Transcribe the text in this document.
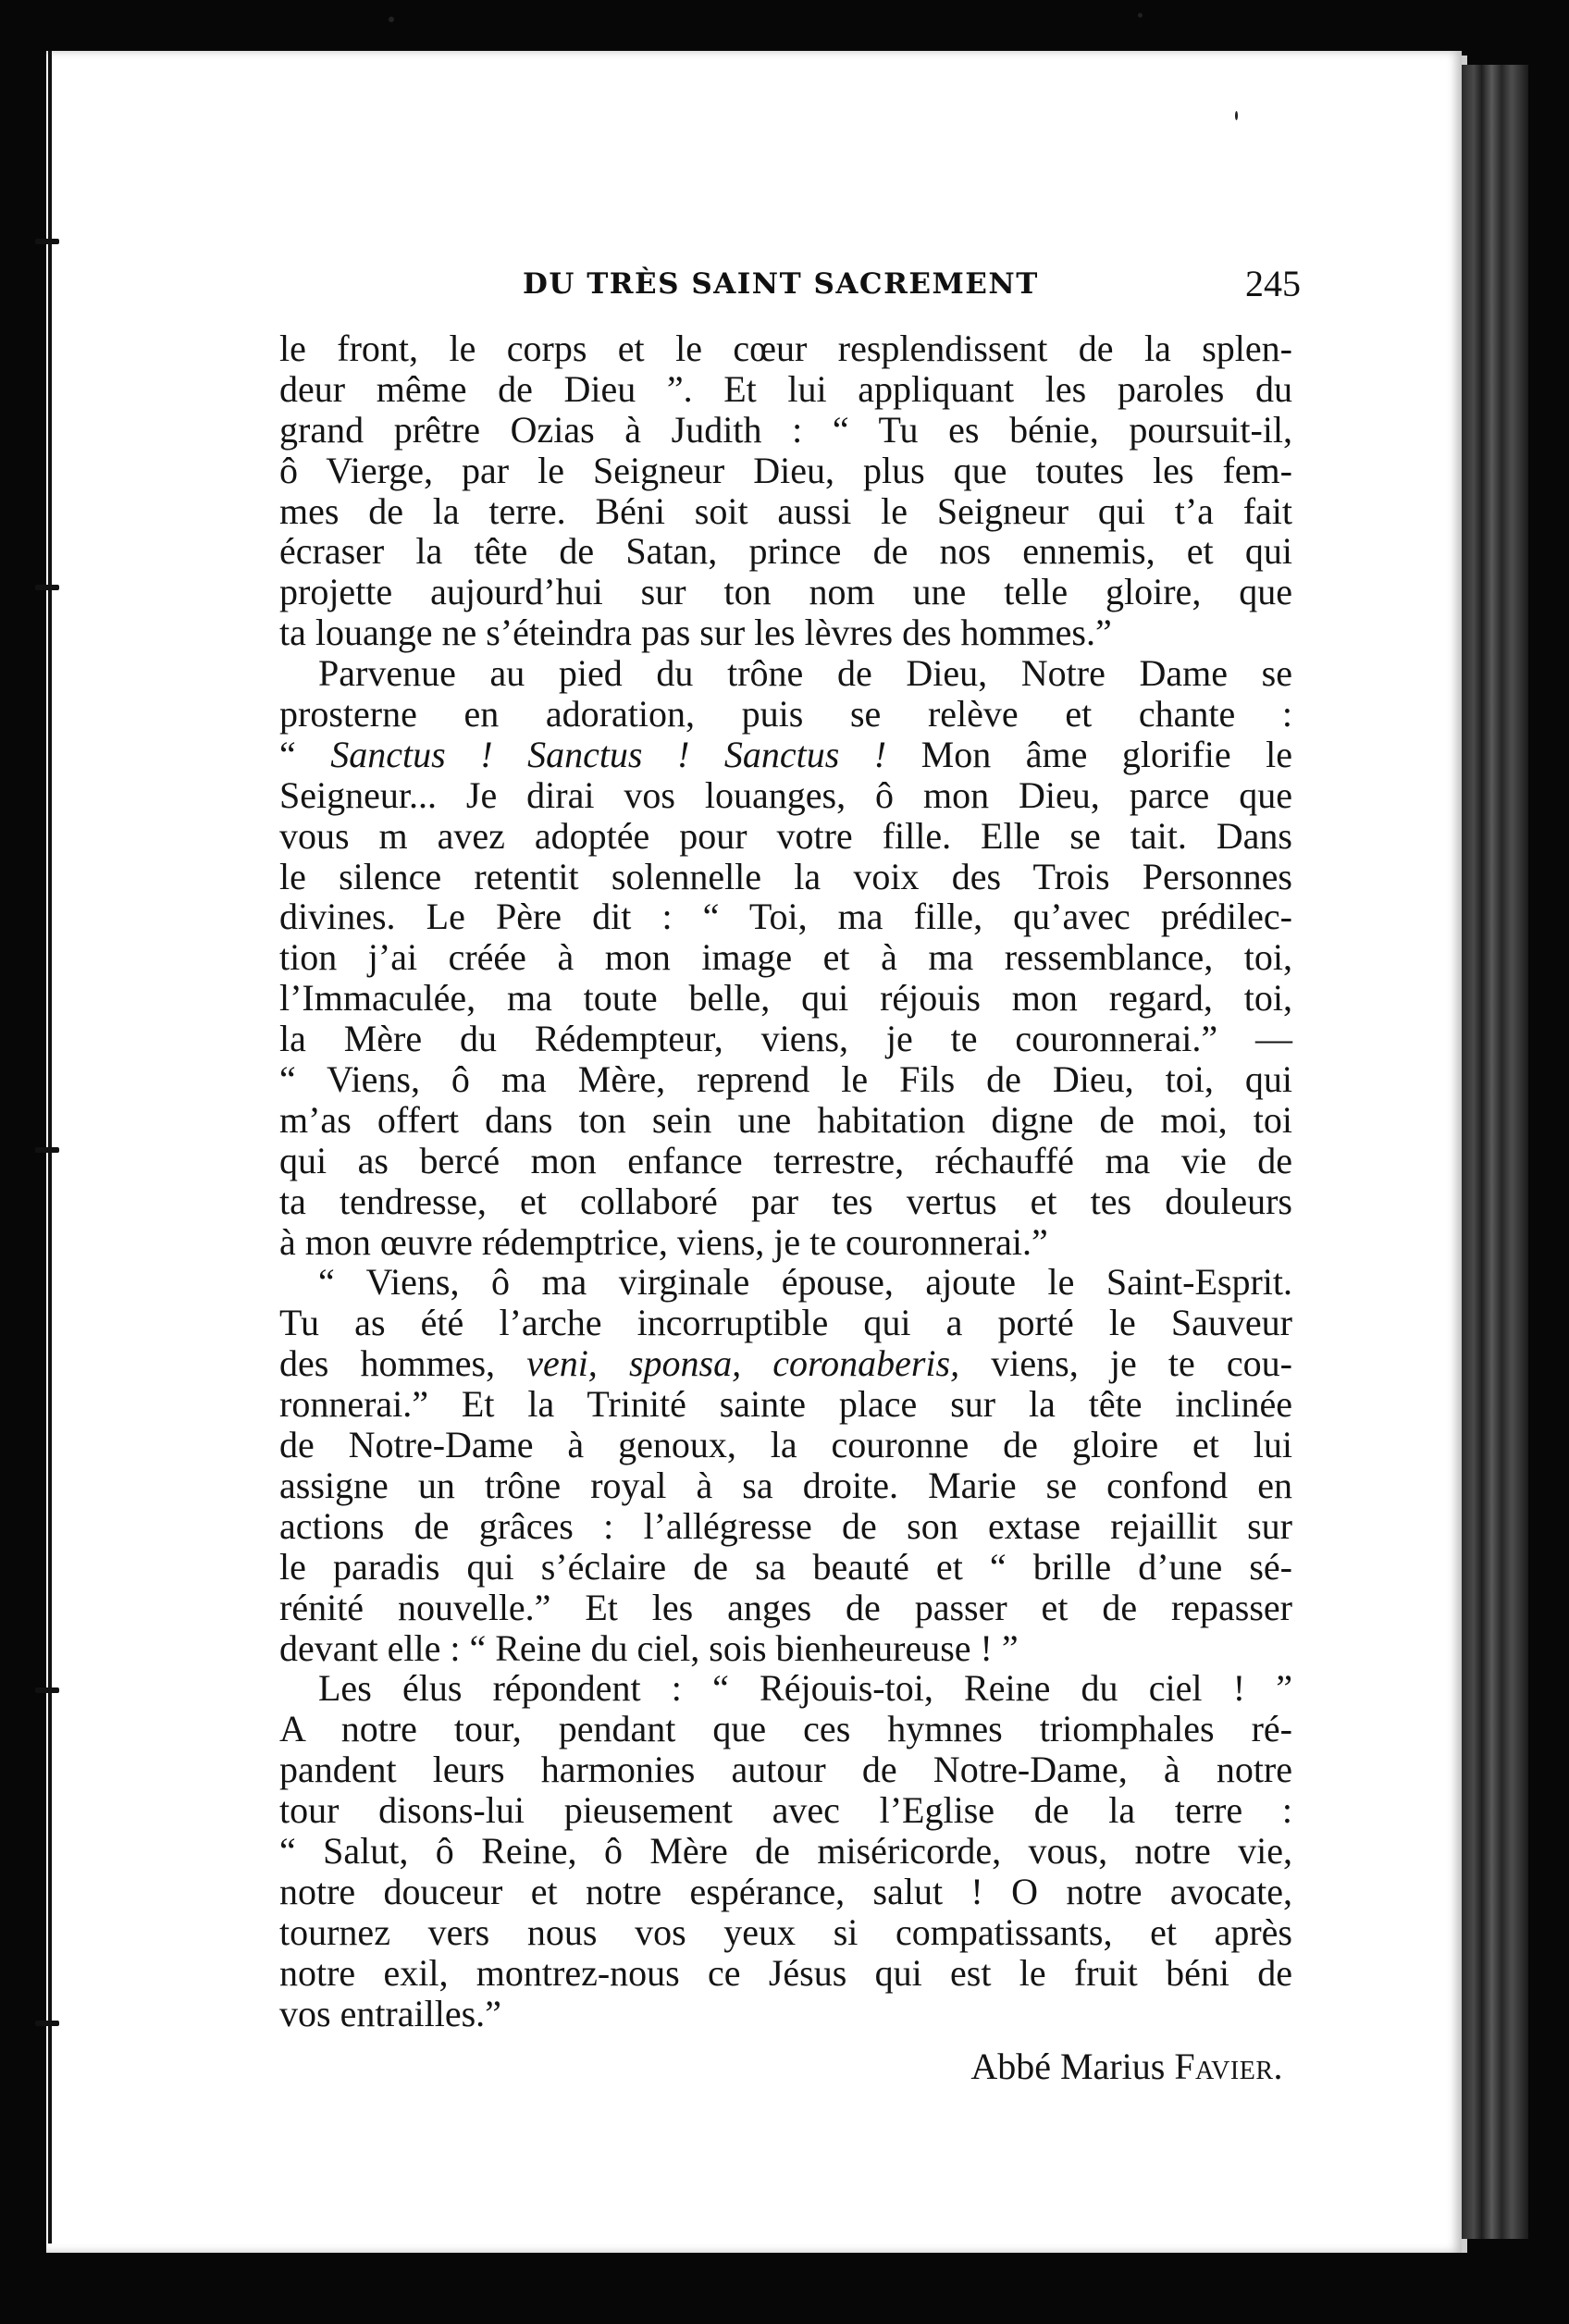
DU TRÈS SAINT SACREMENT	245
le front, le corps et le cœur resplendissent de la splen-
deur même de Dieu ”. Et lui appliquant les paroles du
grand prêtre Ozias à Judith : “ Tu es bénie, poursuit-il,
ô Vierge, par le Seigneur Dieu, plus que toutes les fem-
mes de la terre. Béni soit aussi le Seigneur qui t’a fait
écraser la tête de Satan, prince de nos ennemis, et qui
projette aujourd’hui sur ton nom une telle gloire, que
ta louange ne s’éteindra pas sur les lèvres des hommes.”
Parvenue au pied du trône de Dieu, Notre Dame se
prosterne en adoration, puis se relève et chante :
“ Sanctus ! Sanctus ! Sanctus ! Mon âme glorifie le
Seigneur... Je dirai vos louanges, ô mon Dieu, parce que
vous m avez adoptée pour votre fille. Elle se tait. Dans
le silence retentit solennelle la voix des Trois Personnes
divines. Le Père dit : “ Toi, ma fille, qu’avec prédilec-
tion j’ai créée à mon image et à ma ressemblance, toi,
l’Immaculée, ma toute belle, qui réjouis mon regard, toi,
la Mère du Rédempteur, viens, je te couronnerai.” —
“ Viens, ô ma Mère, reprend le Fils de Dieu, toi, qui
m’as offert dans ton sein une habitation digne de moi, toi
qui as bercé mon enfance terrestre, réchauffé ma vie de
ta tendresse, et collaboré par tes vertus et tes douleurs
à mon œuvre rédemptrice, viens, je te couronnerai.”
“ Viens, ô ma virginale épouse, ajoute le Saint-Esprit.
Tu as été l’arche incorruptible qui a porté le Sauveur
des hommes, veni, sponsa, coronaberis, viens, je te cou-
ronnerai.” Et la Trinité sainte place sur la tête inclinée
de Notre-Dame à genoux, la couronne de gloire et lui
assigne un trône royal à sa droite. Marie se confond en
actions de grâces : l’allégresse de son extase rejaillit sur
le paradis qui s’éclaire de sa beauté et “ brille d’une sé-
rénité nouvelle.” Et les anges de passer et de repasser
devant elle : “ Reine du ciel, sois bienheureuse ! ”
Les élus répondent : “ Réjouis-toi, Reine du ciel ! ”
A notre tour, pendant que ces hymnes triomphales ré-
pandent leurs harmonies autour de Notre-Dame, à notre
tour disons-lui pieusement avec l’Eglise de la terre :
“ Salut, ô Reine, ô Mère de miséricorde, vous, notre vie,
notre douceur et notre espérance, salut ! O notre avocate,
tournez vers nous vos yeux si compatissants, et après
notre exil, montrez-nous ce Jésus qui est le fruit béni de
vos entrailles.”
Abbé Marius Favier.
